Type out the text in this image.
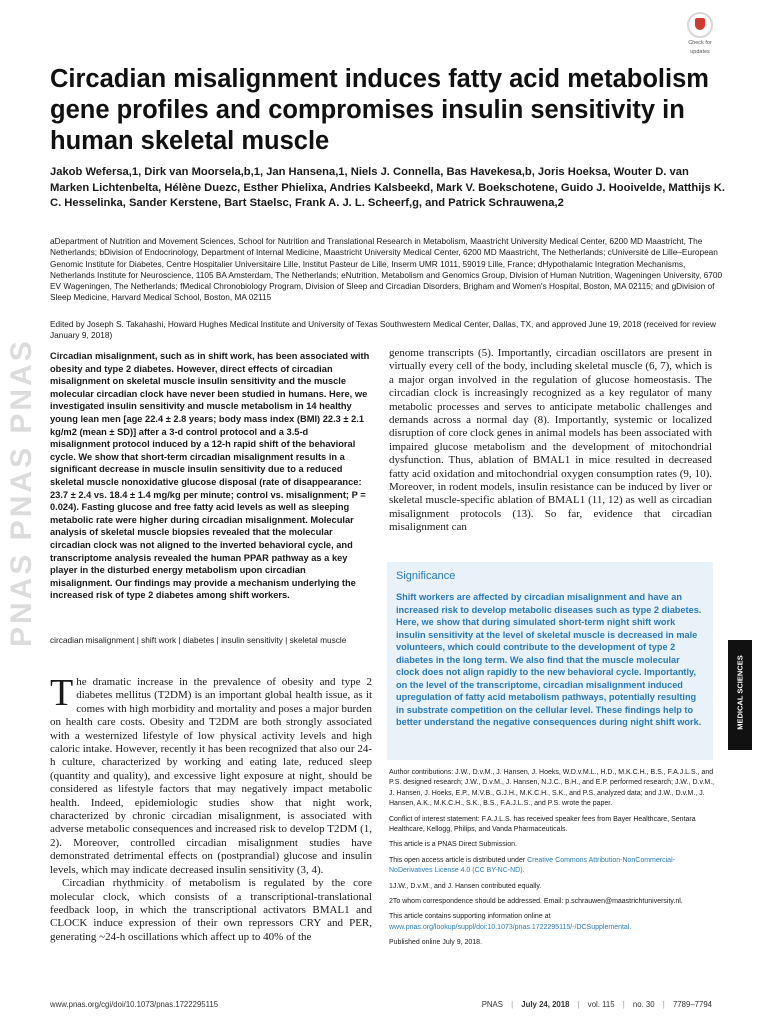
PNAS PNAS PNAS
Check for
updates
Circadian misalignment induces fatty acid metabolism gene profiles and compromises insulin sensitivity in human skeletal muscle
Jakob Wefersa,1, Dirk van Moorsela,b,1, Jan Hansena,1, Niels J. Connella, Bas Havekesa,b, Joris Hoeksa, Wouter D. van Marken Lichtenbelta, Hélène Duezc, Esther Phielixa, Andries Kalsbeekd, Mark V. Boekschotene, Guido J. Hooivelde, Matthijs K. C. Hesselinka, Sander Kerstene, Bart Staelsc, Frank A. J. L. Scheerf,g, and Patrick Schrauwena,2
aDepartment of Nutrition and Movement Sciences, School for Nutrition and Translational Research in Metabolism, Maastricht University Medical Center, 6200 MD Maastricht, The Netherlands; bDivision of Endocrinology, Department of Internal Medicine, Maastricht University Medical Center, 6200 MD Maastricht, The Netherlands; cUniversité de Lille–European Genomic Institute for Diabetes, Centre Hospitalier Universitaire Lille, Institut Pasteur de Lille, Inserm UMR 1011, 59019 Lille, France; dHypothalamic Integration Mechanisms, Netherlands Institute for Neuroscience, 1105 BA Amsterdam, The Netherlands; eNutrition, Metabolism and Genomics Group, Division of Human Nutrition, Wageningen University, 6700 EV Wageningen, The Netherlands; fMedical Chronobiology Program, Division of Sleep and Circadian Disorders, Brigham and Women's Hospital, Boston, MA 02115; and gDivision of Sleep Medicine, Harvard Medical School, Boston, MA 02115
Edited by Joseph S. Takahashi, Howard Hughes Medical Institute and University of Texas Southwestern Medical Center, Dallas, TX, and approved June 19, 2018 (received for review January 9, 2018)
Circadian misalignment, such as in shift work, has been associated with obesity and type 2 diabetes. However, direct effects of circadian misalignment on skeletal muscle insulin sensitivity and the muscle molecular circadian clock have never been studied in humans. Here, we investigated insulin sensitivity and muscle metabolism in 14 healthy young lean men [age 22.4 ± 2.8 years; body mass index (BMI) 22.3 ± 2.1 kg/m2 (mean ± SD)] after a 3-d control protocol and a 3.5-d misalignment protocol induced by a 12-h rapid shift of the behavioral cycle. We show that short-term circadian misalignment results in a significant decrease in muscle insulin sensitivity due to a reduced skeletal muscle nonoxidative glucose disposal (rate of disappearance: 23.7 ± 2.4 vs. 18.4 ± 1.4 mg/kg per minute; control vs. misalignment; P = 0.024). Fasting glucose and free fatty acid levels as well as sleeping metabolic rate were higher during circadian misalignment. Molecular analysis of skeletal muscle biopsies revealed that the molecular circadian clock was not aligned to the inverted behavioral cycle, and transcriptome analysis revealed the human PPAR pathway as a key player in the disturbed energy metabolism upon circadian misalignment. Our findings may provide a mechanism underlying the increased risk of type 2 diabetes among shift workers.
circadian misalignment | shift work | diabetes | insulin sensitivity | skeletal muscle

The dramatic increase in the prevalence of obesity and type 2 diabetes mellitus (T2DM) is an important global health issue, as it comes with high morbidity and mortality and poses a major burden on health care costs. Obesity and T2DM are both strongly associated with a westernized lifestyle of low physical activity levels and high caloric intake. However, recently it has been recognized that also our 24-h culture, characterized by working and eating late, reduced sleep (quantity and quality), and excessive light exposure at night, should be considered as lifestyle factors that may negatively impact metabolic health. Indeed, epidemiologic studies show that night work, characterized by chronic circadian misalignment, is associated with adverse metabolic consequences and increased risk to develop T2DM (1, 2). Moreover, controlled circadian misalignment studies have demonstrated detrimental effects on (postprandial) glucose and insulin levels, which may indicate decreased insulin sensitivity (3, 4).

Circadian rhythmicity of metabolism is regulated by the core molecular clock, which consists of a transcriptional-translational feedback loop, in which the transcriptional activators BMAL1 and CLOCK induce expression of their own repressors CRY and PER, generating ~24-h oscillations which affect up to 40% of the

genome transcripts (5). Importantly, circadian oscillators are present in virtually every cell of the body, including skeletal muscle (6, 7), which is a major organ involved in the regulation of glucose homeostasis. The circadian clock is increasingly recognized as a key regulator of many metabolic processes and serves to anticipate metabolic challenges and demands across a normal day (8). Importantly, systemic or localized disruption of core clock genes in animal models has been associated with impaired glucose metabolism and the development of mitochondrial dysfunction. Thus, ablation of BMAL1 in mice resulted in decreased fatty acid oxidation and mitochondrial oxygen consumption rates (9, 10). Moreover, in rodent models, insulin resistance can be induced by liver or skeletal muscle-specific ablation of BMAL1 (11, 12) as well as circadian misalignment protocols (13). So far, evidence that circadian misalignment can

Significance

Shift workers are affected by circadian misalignment and have an increased risk to develop metabolic diseases such as type 2 diabetes. Here, we show that during simulated short-term night shift work insulin sensitivity at the level of skeletal muscle is decreased in male volunteers, which could contribute to the development of type 2 diabetes in the long term. We also find that the muscle molecular clock does not align rapidly to the new behavioral cycle. Importantly, on the level of the transcriptome, circadian misalignment induced upregulation of fatty acid metabolism pathways, potentially resulting in substrate competition on the cellular level. These findings help to better understand the negative consequences during night shift work.	MEDICAL SCIENCES

Author contributions: J.W., D.v.M., J. Hansen, J. Hoeks, W.D.v.M.L., H.D., M.K.C.H., B.S., F.A.J.L.S., and P.S. designed research; J.W., D.v.M., J. Hansen, N.J.C., B.H., and E.P. performed research; J.W., D.v.M., J. Hansen, J. Hoeks, E.P., M.V.B., G.J.H., M.K.C.H., S.K., and P.S. analyzed data; and J.W., D.v.M., J. Hansen, A.K., M.K.C.H., S.K., B.S., F.A.J.L.S., and P.S. wrote the paper.

Conflict of interest statement: F.A.J.L.S. has received speaker fees from Bayer Healthcare, Sentara Healthcare, Kellogg, Philips, and Vanda Pharmaceuticals.

This article is a PNAS Direct Submission.

This open access article is distributed under Creative Commons Attribution-NonCommercial-NoDerivatives License 4.0 (CC BY-NC-ND).

1J.W., D.v.M., and J. Hansen contributed equally.

2To whom correspondence should be addressed. Email: p.schrauwen@maastrichtuniversity.nl.

This article contains supporting information online at www.pnas.org/lookup/suppl/doi:10.1073/pnas.1722295115/-/DCSupplemental.

Published online July 9, 2018.

www.pnas.org/cgi/doi/10.1073/pnas.1722295115	PNAS | July 24, 2018 | vol. 115 | no. 30 | 7789–7794
